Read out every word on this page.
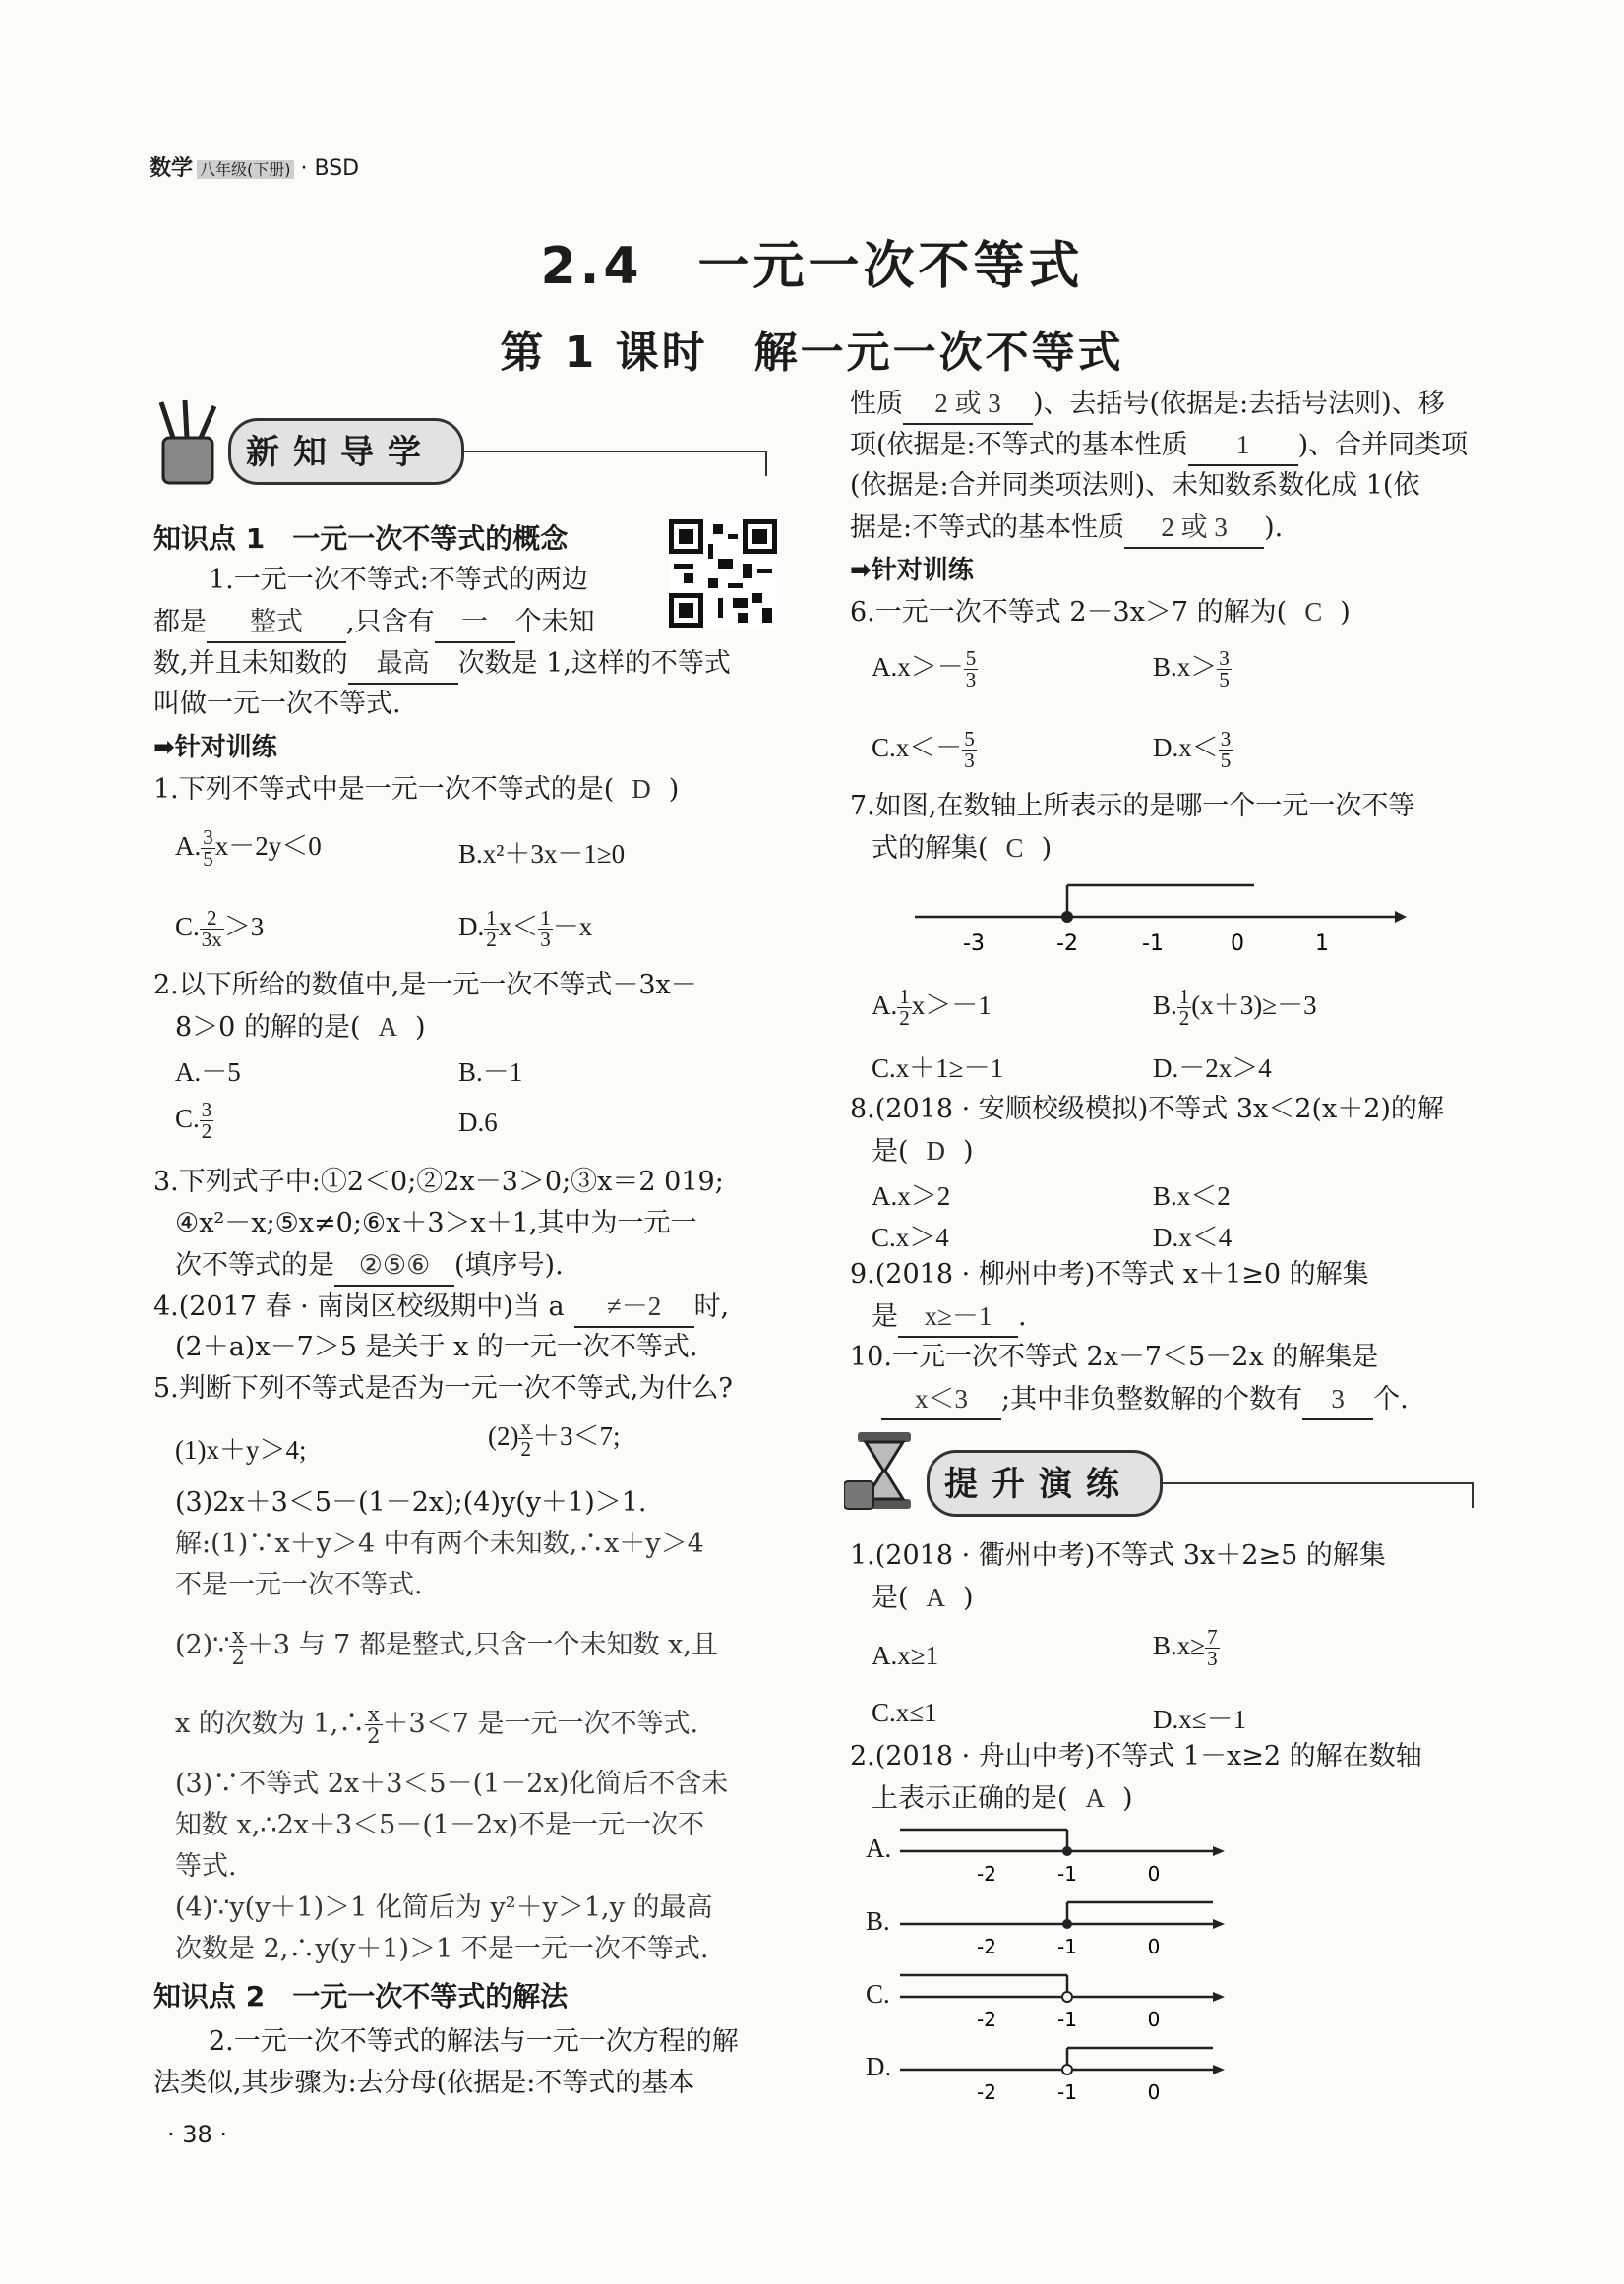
数学 八年级(下册) · BSD
2.4　一元一次不等式
第 1 课时　解一元一次不等式
新知导学
知识点 1　一元一次不等式的概念
1.一元一次不等式:不等式的两边
都是 整式 ,只含有 一 个未知
数,并且未知数的 最高 次数是 1,这样的不等式
叫做一元一次不等式.
➡针对训练
1.下列不等式中是一元一次不等式的是( D )
A. $\frac{3}{5} x-2y<0$	B.x²＋3x－1≥0
C. $\frac{2}{3x} >3$	D. $\frac{1}{2} x< \frac{1}{3} -x$
2.以下所给的数值中,是一元一次不等式－3x－
8＞0 的解的是( A )
A.－5	B.－1
C. $\frac{3}{2}$	D.6
3.下列式子中:①2＜0;②2x－3＞0;③x＝2 019;
④x²－x;⑤x≠0;⑥x＋3＞x＋1,其中为一元一
次不等式的是 ②⑤⑥ (填序号).
4.(2017 春 · 南岗区校级期中)当 a ≠－2 时,
(2＋a)x－7＞5 是关于 x 的一元一次不等式.
5.判断下列不等式是否为一元一次不等式,为什么?
(1)x＋y＞4;	$(2) \frac{x}{2} +3<7$;
(3)2x＋3＜5－(1－2x);(4)y(y＋1)＞1.
解:(1)∵x＋y＞4 中有两个未知数,∴x＋y＞4
不是一元一次不等式.
(2)∵ $\frac{x}{2} +3$ 与 7 都是整式,只含一个未知数 x,且
x 的次数为 1,∴ $\frac{x}{2} +3<7$ 是一元一次不等式.
(3)∵不等式 2x＋3＜5－(1－2x)化简后不含未
知数 x,∴2x＋3＜5－(1－2x)不是一元一次不
等式.
(4)∵y(y＋1)＞1 化简后为 y²＋y＞1,y 的最高
次数是 2,∴y(y＋1)＞1 不是一元一次不等式.
知识点 2　一元一次不等式的解法
2.一元一次不等式的解法与一元一次方程的解
法类似,其步骤为:去分母(依据是:不等式的基本
· 38 ·
性质 2 或 3 )、去括号(依据是:去括号法则)、移
项(依据是:不等式的基本性质 1 )、合并同类项
(依据是:合并同类项法则)、未知数系数化成 1(依
据是:不等式的基本性质 2 或 3 ).
➡针对训练
6.一元一次不等式 2－3x＞7 的解为( C )
$A.x>- \frac{5}{3}$	$B.x> \frac{3}{5}$
$C.x<- \frac{5}{3}$	$D.x< \frac{3}{5}$
7.如图,在数轴上所表示的是哪一个一元一次不等
式的解集( C )
-3	-2	-1	0	1
A. $\frac{1}{2} x>-1$	B. $\frac{1}{2} (x+3)\ge-3$
C.x＋1≥－1	D.－2x＞4
8.(2018 · 安顺校级模拟)不等式 3x＜2(x＋2)的解
是( D )
A.x＞2	B.x＜2
C.x＞4	D.x＜4
9.(2018 · 柳州中考)不等式 x＋1≥0 的解集
是 x≥－1 .
10.一元一次不等式 2x－7＜5－2x 的解集是
x＜3 ;其中非负整数解的个数有 3 个.
提升演练
1.(2018 · 衢州中考)不等式 3x＋2≥5 的解集
是( A )
A.x≥1	$B.x\ge \frac{7}{3}$
C.x≤1	D.x≤－1
2.(2018 · 舟山中考)不等式 1－x≥2 的解在数轴
上表示正确的是( A )
A.
-2	-1	0
B.
-2	-1	0
C.
-2	-1	0
D.
-2	-1	0
